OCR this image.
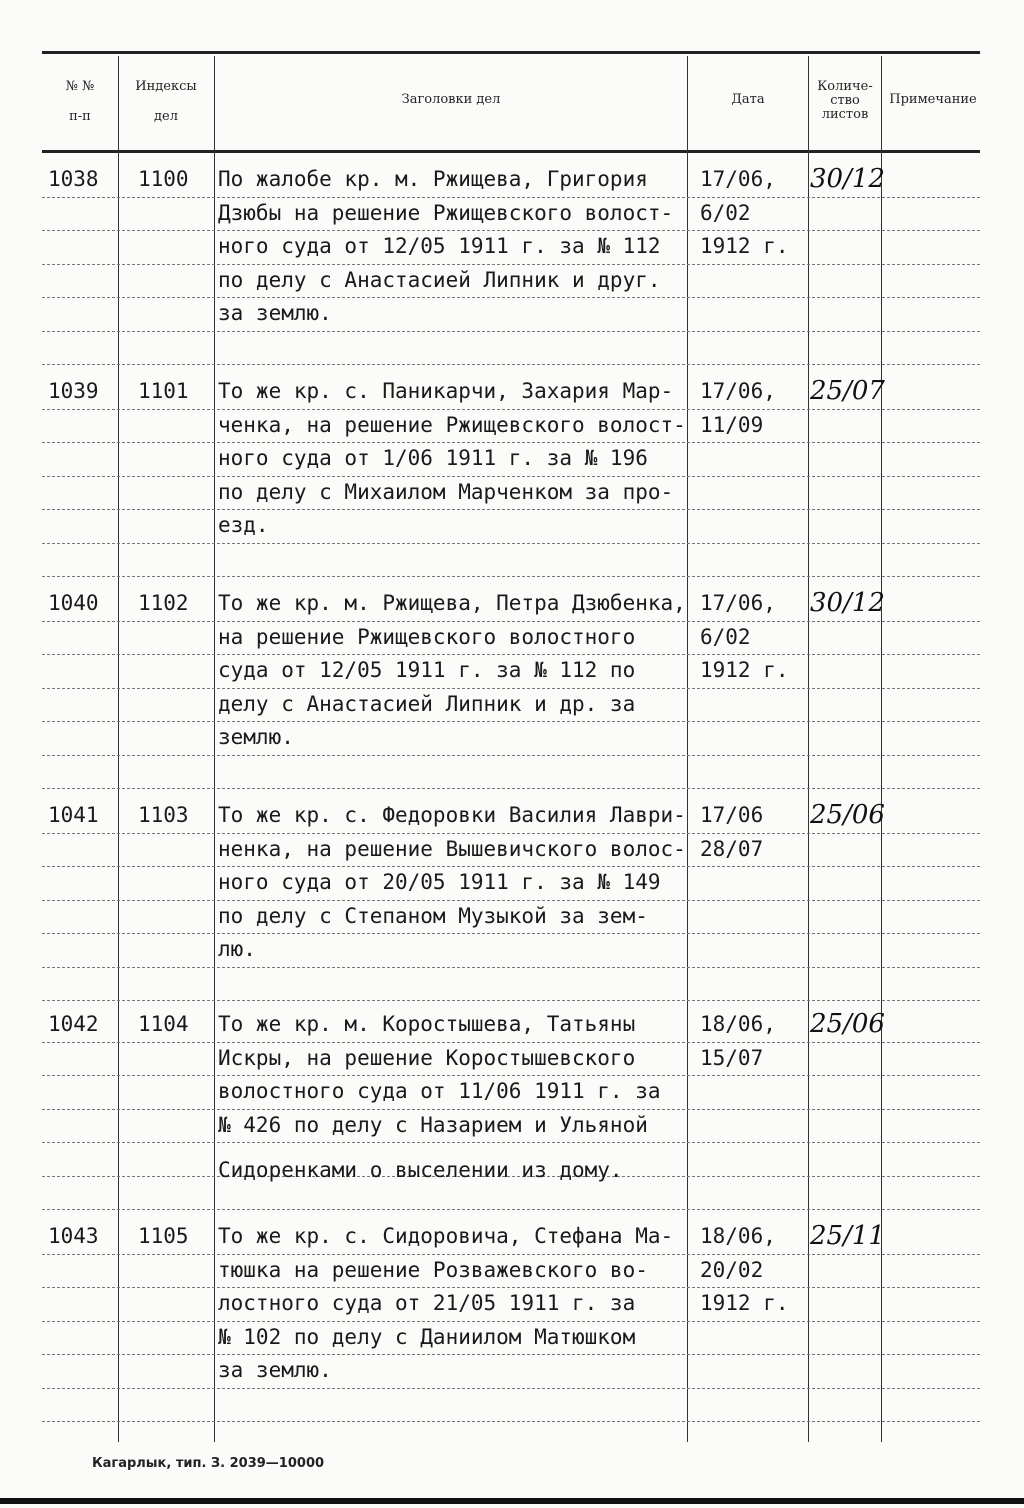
№ №
п-п
Индексы
дел
Заголовки дел	Дата
Количе-
ство
листов
Примечание
1038 1100 По жалобе кр. м. Ржищева, Григория
Дзюбы на решение Ржищевского волост-
ного суда от 12/05 1911 г. за № 112
по делу с Анастасией Липник и друг.
за землю.
17/06,
6/02
1912 г.
30/12
1039 1101 То же кр. с. Паникарчи, Захария Мар-
ченка, на решение Ржищевского волост-
ного суда от 1/06 1911 г. за № 196
по делу с Михаилом Марченком за про-
езд.
17/06,
11/09
25/07
1040 1102 То же кр. м. Ржищева, Петра Дзюбенка,
на решение Ржищевского волостного
суда от 12/05 1911 г. за № 112 по
делу с Анастасией Липник и др. за
землю.
17/06,
6/02
1912 г.
30/12
1041 1103 То же кр. с. Федоровки Василия Лаври-
ненка, на решение Вышевичского волос-
ного суда от 20/05 1911 г. за № 149
по делу с Степаном Музыкой за зем-
лю.
17/06
28/07
25/06
1042 1104 То же кр. м. Коростышева, Татьяны
Искры, на решение Коростышевского
волостного суда от 11/06 1911 г. за
№ 426 по делу с Назарием и Ульяной
Сидоренками о выселении из дому.
18/06,
15/07
25/06
1043 1105 То же кр. с. Сидоровича, Стефана Ма-
тюшка на решение Розважевского во-
лостного суда от 21/05 1911 г. за
№ 102 по делу с Даниилом Матюшком
за землю.
18/06,
20/02
1912 г.
25/11
Кагарлык, тип. З. 2039—10000
